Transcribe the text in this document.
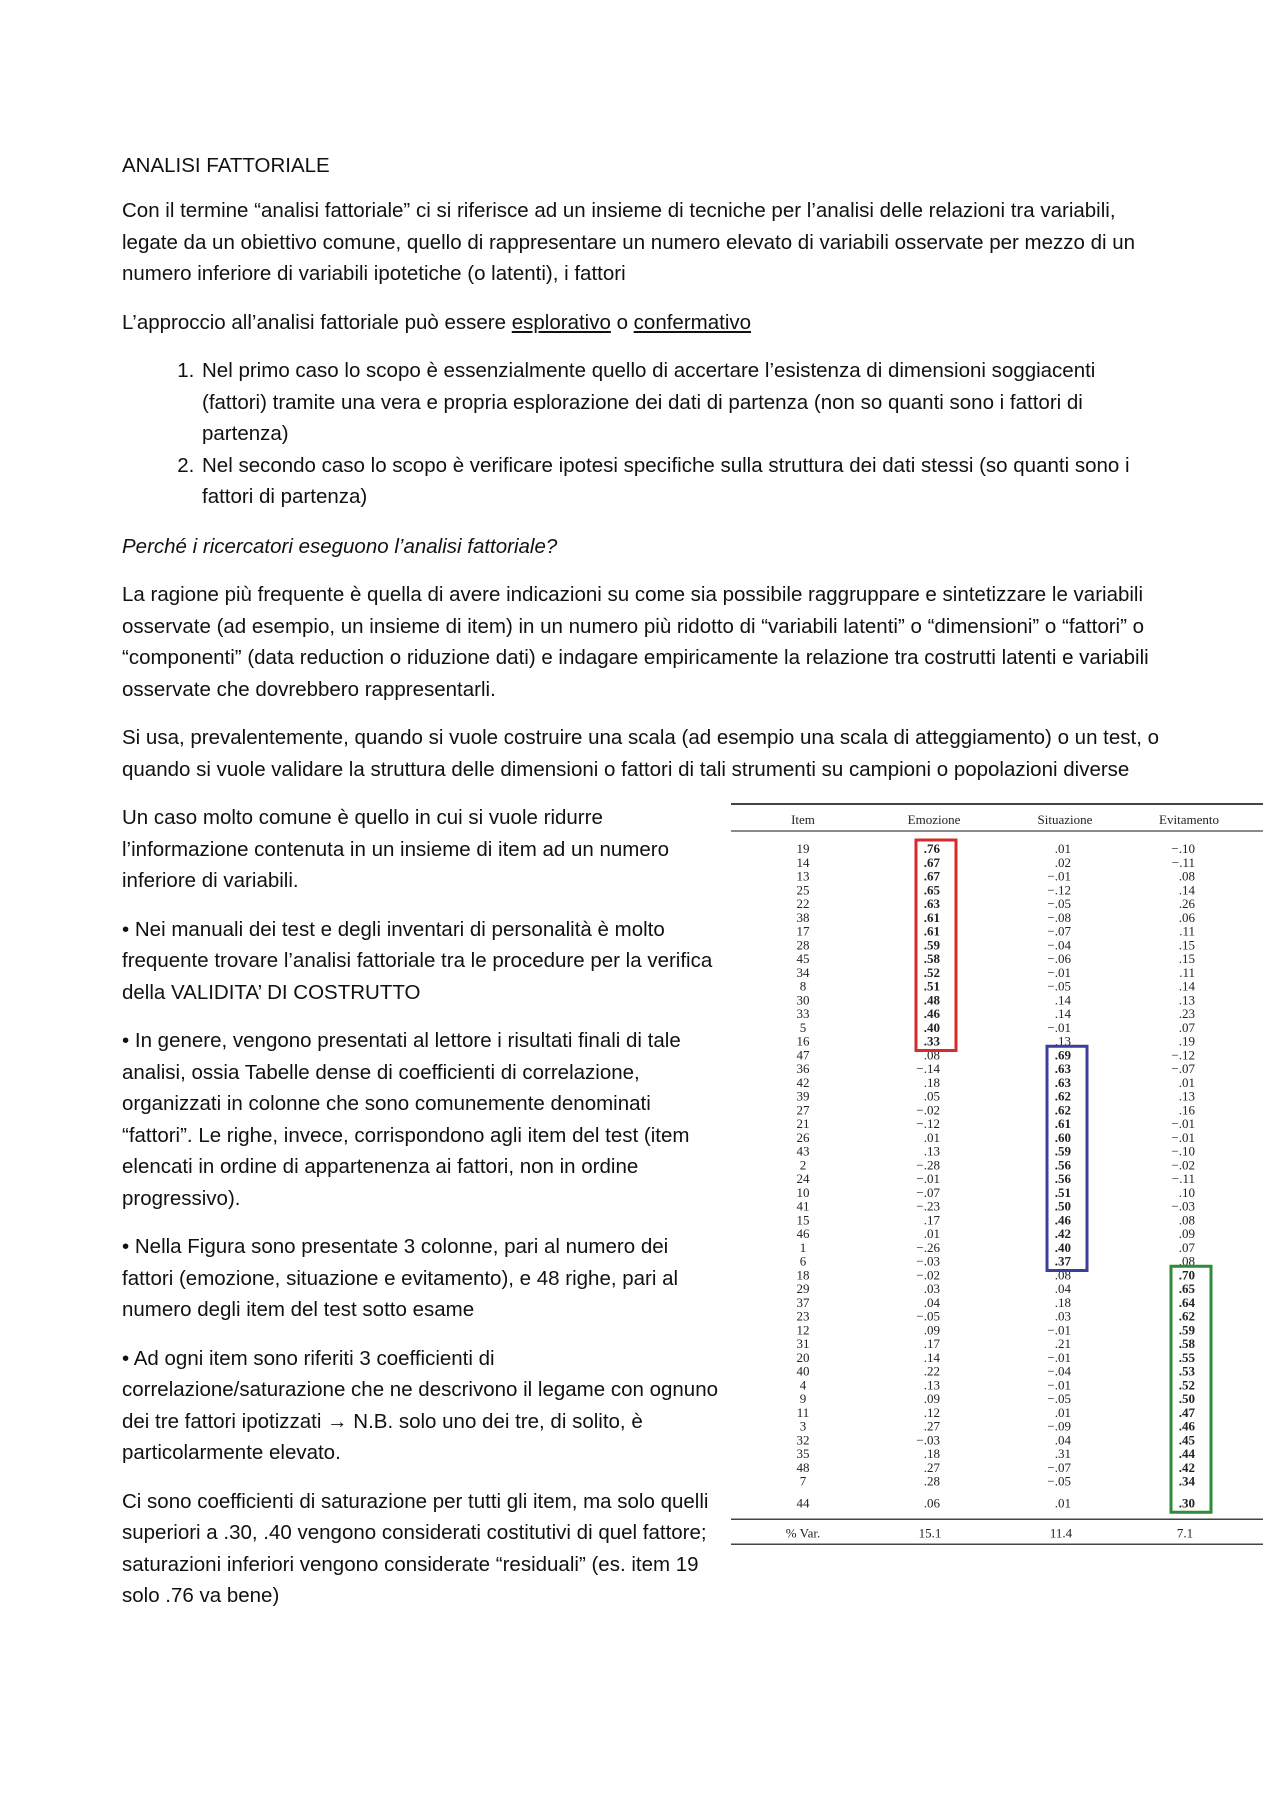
ANALISI FATTORIALE

Con il termine “analisi fattoriale” ci si riferisce ad un insieme di tecniche per l’analisi delle relazioni tra variabili, legate da un obiettivo comune, quello di rappresentare un numero elevato di variabili osservate per mezzo di un numero inferiore di variabili ipotetiche (o latenti), i fattori

L’approccio all’analisi fattoriale può essere esplorativo o confermativo

1. Nel primo caso lo scopo è essenzialmente quello di accertare l’esistenza di dimensioni soggiacenti (fattori) tramite una vera e propria esplorazione dei dati di partenza (non so quanti sono i fattori di partenza)
2. Nel secondo caso lo scopo è verificare ipotesi specifiche sulla struttura dei dati stessi (so quanti sono i fattori di partenza)

Perché i ricercatori eseguono l’analisi fattoriale?

La ragione più frequente è quella di avere indicazioni su come sia possibile raggruppare e sintetizzare le variabili osservate (ad esempio, un insieme di item) in un numero più ridotto di “variabili latenti” o “dimensioni” o “fattori” o “componenti” (data reduction o riduzione dati) e indagare empiricamente la relazione tra costrutti latenti e variabili osservate che dovrebbero rappresentarli.

Si usa, prevalentemente, quando si vuole costruire una scala (ad esempio una scala di atteggiamento) o un test, o quando si vuole validare la struttura delle dimensioni o fattori di tali strumenti su campioni o popolazioni diverse

Un caso molto comune è quello in cui si vuole ridurre l’informazione contenuta in un insieme di item ad un numero inferiore di variabili.

• Nei manuali dei test e degli inventari di personalità è molto frequente trovare l’analisi fattoriale tra le procedure per la verifica della VALIDITA’ DI COSTRUTTO

• In genere, vengono presentati al lettore i risultati finali di tale analisi, ossia Tabelle dense di coefficienti di correlazione, organizzati in colonne che sono comunemente denominati “fattori”. Le righe, invece, corrispondono agli item del test (item elencati in ordine di appartenenza ai fattori, non in ordine progressivo).

• Nella Figura sono presentate 3 colonne, pari al numero dei fattori (emozione, situazione e evitamento), e 48 righe, pari al numero degli item del test sotto esame

• Ad ogni item sono riferiti 3 coefficienti di correlazione/saturazione che ne descrivono il legame con ognuno dei tre fattori ipotizzati → N.B. solo uno dei tre, di solito, è particolarmente elevato.

Ci sono coefficienti di saturazione per tutti gli item, ma solo quelli superiori a .30, .40 vengono considerati costitutivi di quel fattore; saturazioni inferiori vengono considerate “residuali” (es. item 19 solo .76 va bene)

Item	Emozione	Situazione	Evitamento
19	.76	.01	−.10
14	.67	.02	−.11
13	.67	−.01	.08
25	.65	−.12	.14
22	.63	−.05	.26
38	.61	−.08	.06
17	.61	−.07	.11
28	.59	−.04	.15
45	.58	−.06	.15
34	.52	−.01	.11
8	.51	−.05	.14
30	.48	.14	.13
33	.46	.14	.23
5	.40	−.01	.07
16	.33	.13	.19
47	.08	.69	−.12
36	−.14	.63	−.07
42	.18	.63	.01
39	.05	.62	.13
27	−.02	.62	.16
21	−.12	.61	−.01
26	.01	.60	−.01
43	.13	.59	−.10
2	−.28	.56	−.02
24	−.01	.56	−.11
10	−.07	.51	.10
41	−.23	.50	−.03
15	.17	.46	.08
46	.01	.42	.09
1	−.26	.40	.07
6	−.03	.37	.08
18	−.02	.08	.70
29	.03	.04	.65
37	.04	.18	.64
23	−.05	.03	.62
12	.09	−.01	.59
31	.17	.21	.58
20	.14	−.01	.55
40	.22	−.04	.53
4	.13	−.01	.52
9	.09	−.05	.50
11	.12	.01	.47
3	.27	−.09	.46
32	−.03	.04	.45
35	.18	.31	.44
48	.27	−.07	.42
7	.28	−.05	.34
44	.06	.01	.30
% Var.	15.1	11.4	7.1
